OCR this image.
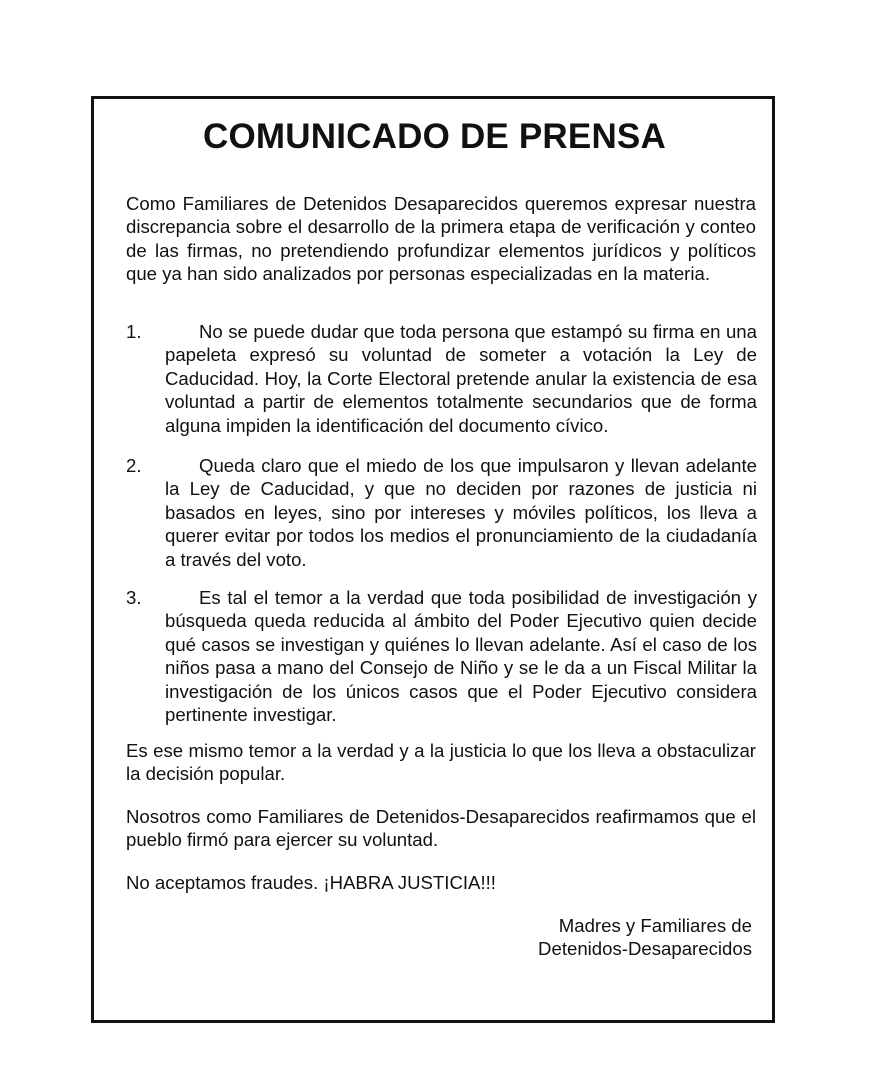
COMUNICADO DE PRENSA

Como Familiares de Detenidos Desaparecidos queremos expresar nuestra discrepancia sobre el desarrollo de la primera etapa de verificación y conteo de las firmas, no pretendiendo profundizar elementos jurídicos y políticos que ya han sido analizados por personas especializadas en la materia.

1.	No se puede dudar que toda persona que estampó su firma en una papeleta expresó su voluntad de someter a votación la Ley de Caducidad. Hoy, la Corte Electoral pretende anular la existencia de esa voluntad a partir de elementos totalmente secundarios que de forma alguna impiden la identificación del documento cívico.

2.	Queda claro que el miedo de los que impulsaron y llevan adelante la Ley de Caducidad, y que no deciden por razones de justicia ni basados en leyes, sino por intereses y móviles políticos, los lleva a querer evitar por todos los medios el pronunciamiento de la ciudadanía a través del voto.

3.	Es tal el temor a la verdad que toda posibilidad de investigación y búsqueda queda reducida al ámbito del Poder Ejecutivo quien decide qué casos se investigan y quiénes lo llevan adelante. Así el caso de los niños pasa a mano del Consejo de Niño y se le da a un Fiscal Militar la investigación de los únicos casos que el Poder Ejecutivo considera pertinente investigar.

Es ese mismo temor a la verdad y a la justicia lo que los lleva a obstaculizar la decisión popular.

Nosotros como Familiares de Detenidos-Desaparecidos reafirmamos que el pueblo firmó para ejercer su voluntad.

No aceptamos fraudes. ¡HABRA JUSTICIA!!!

Madres y Familiares de
Detenidos-Desaparecidos
